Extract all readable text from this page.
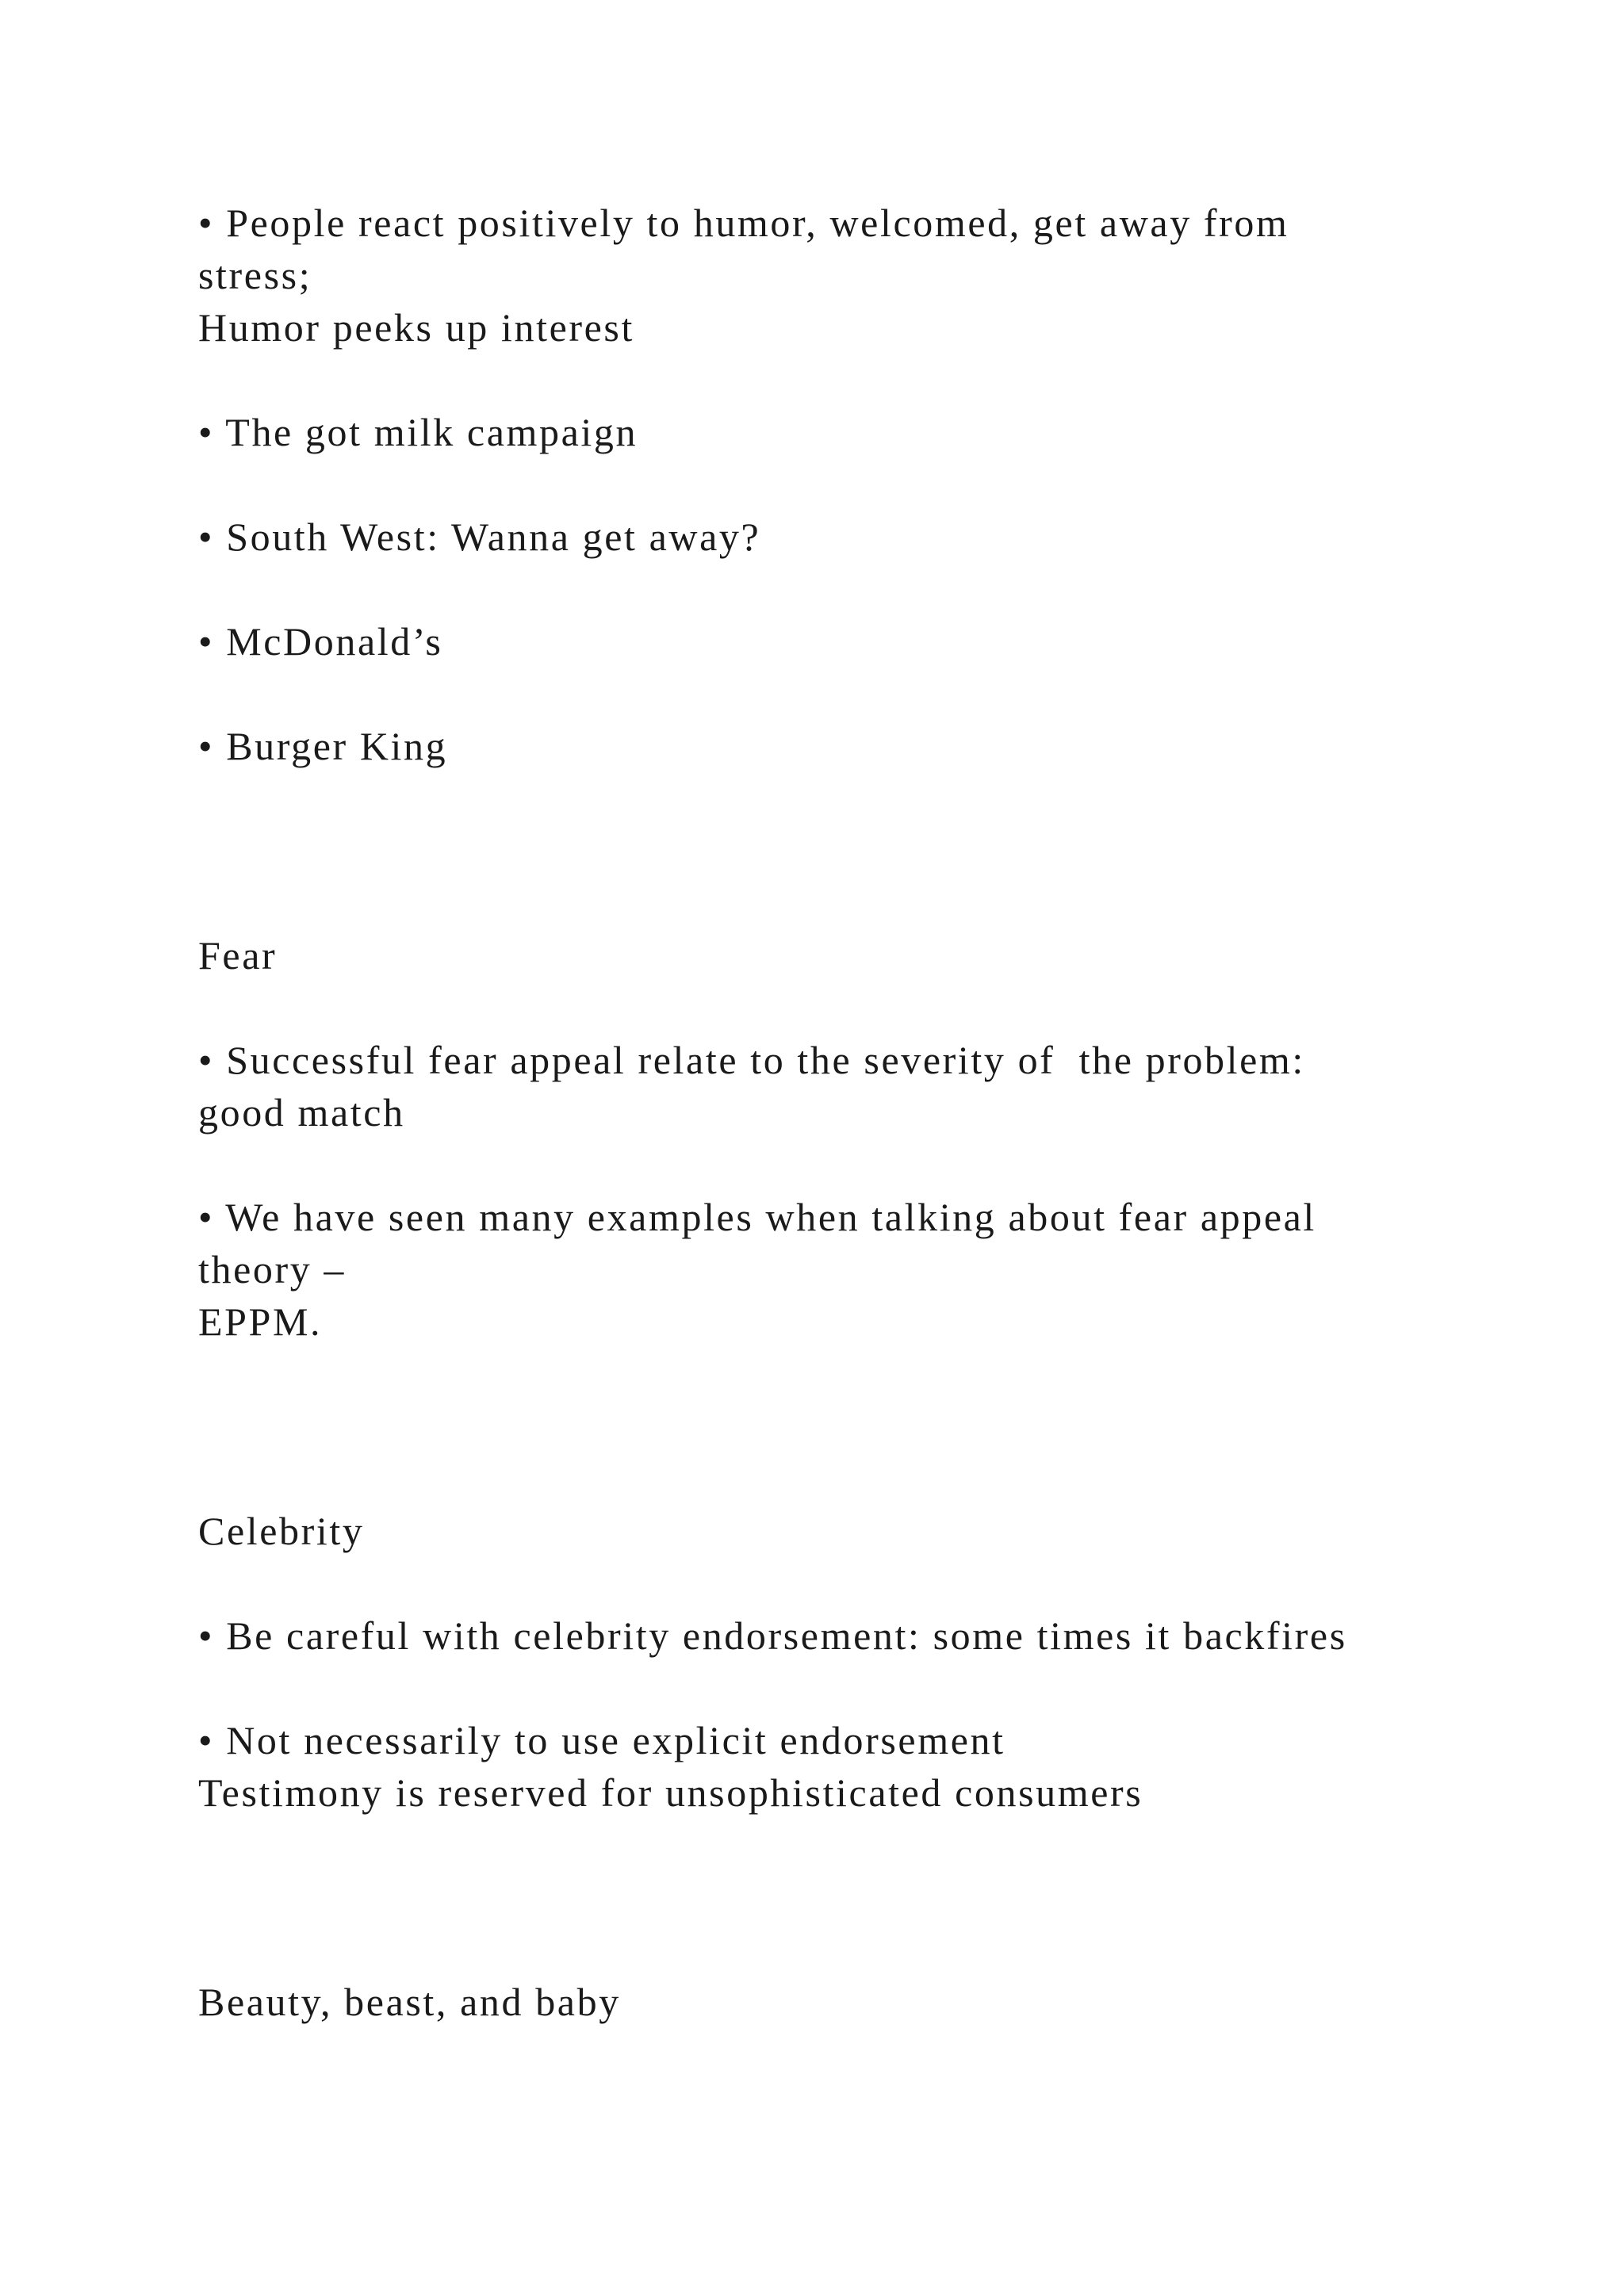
• People react positively to humor, welcomed, get away from

stress;

Humor peeks up interest

• The got milk campaign

• South West: Wanna get away?

• McDonald’s

• Burger King

Fear

• Successful fear appeal relate to the severity of  the problem:

good match

• We have seen many examples when talking about fear appeal

theory –

EPPM.

Celebrity

• Be careful with celebrity endorsement: some times it backfires

• Not necessarily to use explicit endorsement

Testimony is reserved for unsophisticated consumers

Beauty, beast, and baby
